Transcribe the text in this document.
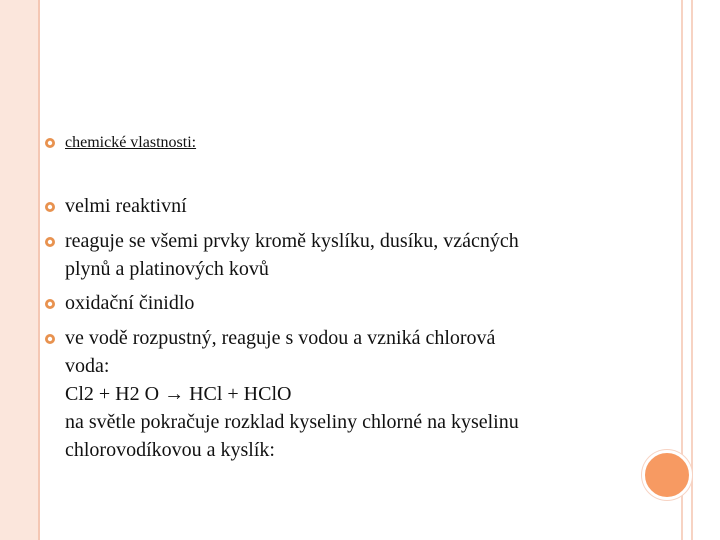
chemické vlastnosti:
velmi reaktivní
reaguje se všemi prvky kromě kyslíku, dusíku, vzácných
plynů a platinových kovů
oxidační činidlo
ve vodě rozpustný, reaguje s vodou a vzniká chlorová
voda:
Cl2 + H2 O → HCl + HClO
na světle pokračuje rozklad kyseliny chlorné na kyselinu
chlorovodíkovou a kyslík:
